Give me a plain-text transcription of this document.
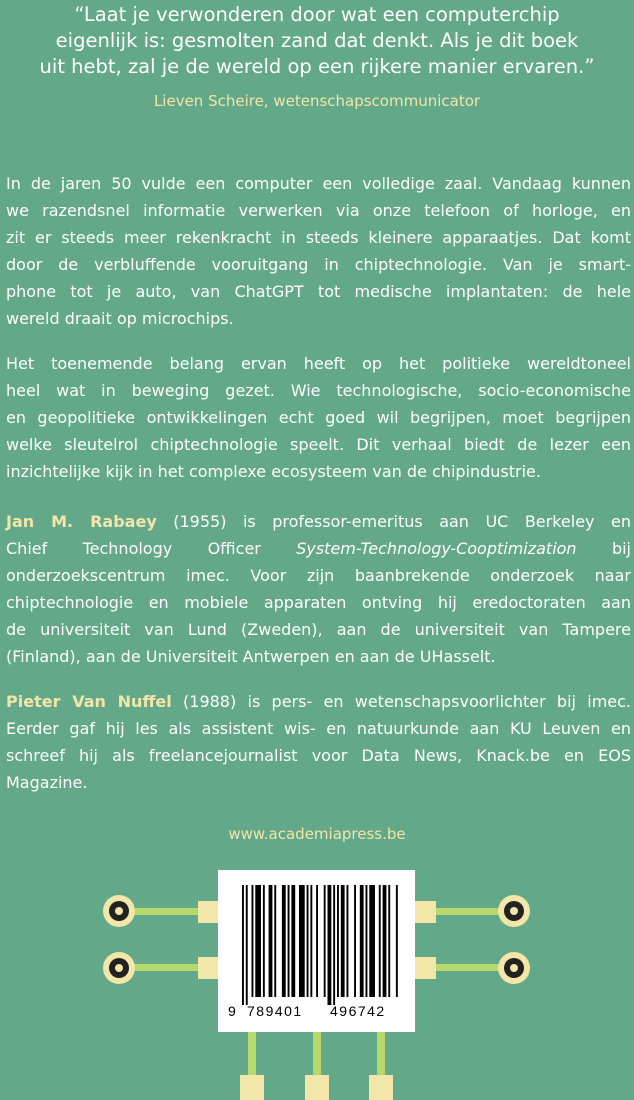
“Laat je verwonderen door wat een computerchip
eigenlijk is: gesmolten zand dat denkt. Als je dit boek
uit hebt, zal je de wereld op een rijkere manier ervaren.”
Lieven Scheire, wetenschapscommunicator
In de jaren 50 vulde een computer een volledige zaal. Vandaag kunnen
we razendsnel informatie verwerken via onze telefoon of horloge, en
zit er steeds meer rekenkracht in steeds kleinere apparaatjes. Dat komt
door de verbluffende vooruitgang in chiptechnologie. Van je smart-
phone tot je auto, van ChatGPT tot medische implantaten: de hele
wereld draait op microchips.
Het toenemende belang ervan heeft op het politieke wereldtoneel
heel wat in beweging gezet. Wie technologische, socio-economische
en geopolitieke ontwikkelingen echt goed wil begrijpen, moet begrijpen
welke sleutelrol chiptechnologie speelt. Dit verhaal biedt de lezer een
inzichtelijke kijk in het complexe ecosysteem van de chipindustrie.
Jan M. Rabaey (1955) is professor-emeritus aan UC Berkeley en
Chief Technology Officer System-Technology-Cooptimization bij
onderzoekscentrum imec. Voor zijn baanbrekende onderzoek naar
chiptechnologie en mobiele apparaten ontving hij eredoctoraten aan
de universiteit van Lund (Zweden), aan de universiteit van Tampere
(Finland), aan de Universiteit Antwerpen en aan de UHasselt.
Pieter Van Nuffel (1988) is pers- en wetenschapsvoorlichter bij imec.
Eerder gaf hij les als assistent wis- en natuurkunde aan KU Leuven en
schreef hij als freelancejournalist voor Data News, Knack.be en EOS
Magazine.
www.academiapress.be
9 789401 496742
